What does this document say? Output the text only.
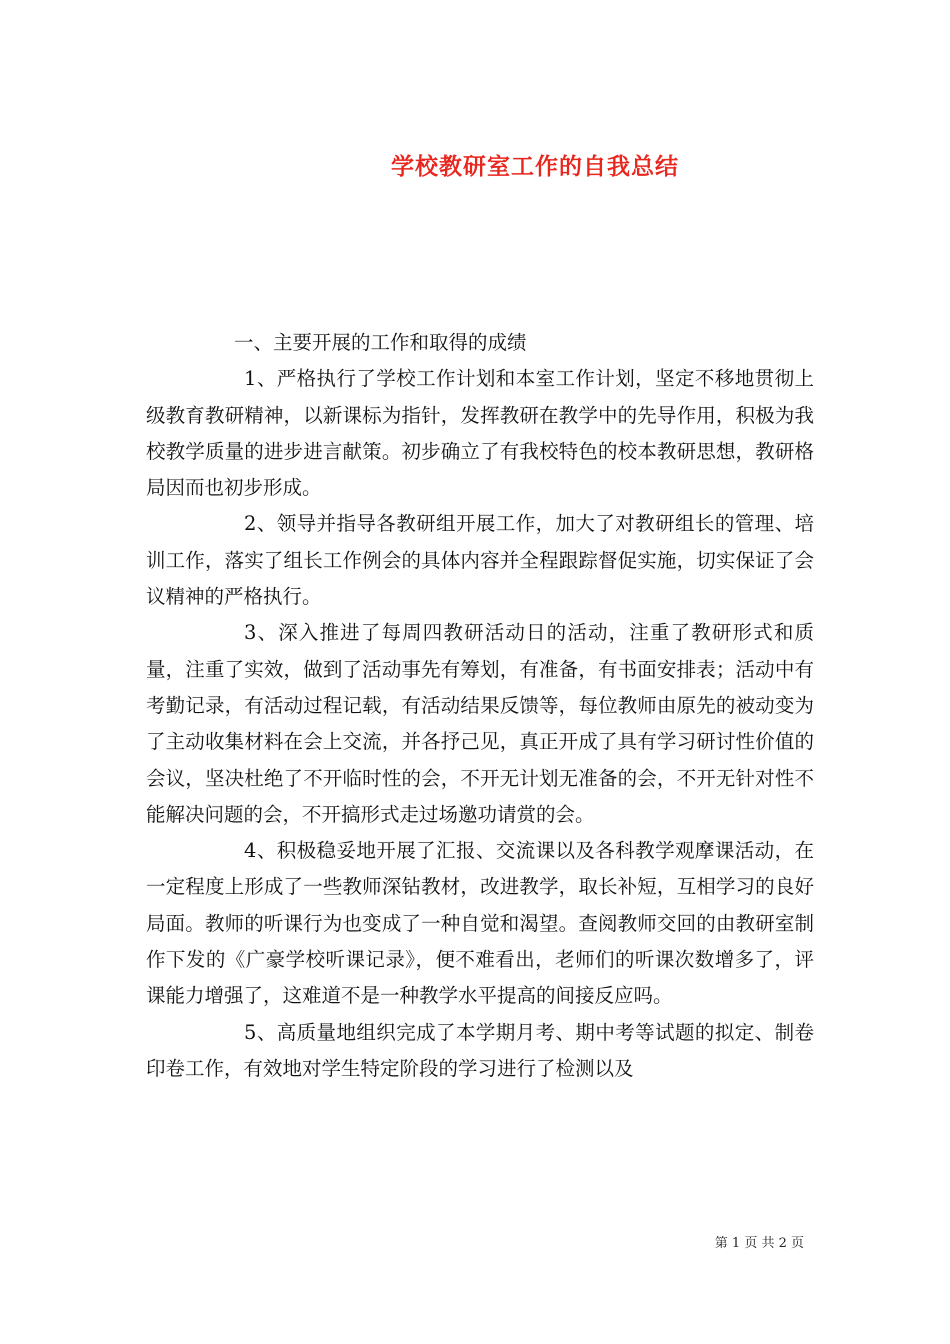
学校教研室工作的自我总结

一、主要开展的工作和取得的成绩

1、严格执行了学校工作计划和本室工作计划，坚定不移地贯彻上级教育教研精神，以新课标为指针，发挥教研在教学中的先导作用，积极为我校教学质量的进步进言献策。初步确立了有我校特色的校本教研思想，教研格局因而也初步形成。

2、领导并指导各教研组开展工作，加大了对教研组长的管理、培训工作，落实了组长工作例会的具体内容并全程跟踪督促实施，切实保证了会议精神的严格执行。

3、深入推进了每周四教研活动日的活动，注重了教研形式和质量，注重了实效，做到了活动事先有筹划，有准备，有书面安排表；活动中有考勤记录，有活动过程记载，有活动结果反馈等，每位教师由原先的被动变为了主动收集材料在会上交流，并各抒己见，真正开成了具有学习研讨性价值的会议，坚决杜绝了不开临时性的会，不开无计划无准备的会，不开无针对性不能解决问题的会，不开搞形式走过场邀功请赏的会。

4、积极稳妥地开展了汇报、交流课以及各科教学观摩课活动，在一定程度上形成了一些教师深钻教材，改进教学，取长补短，互相学习的良好局面。教师的听课行为也变成了一种自觉和渴望。查阅教师交回的由教研室制作下发的《广豪学校听课记录》，便不难看出，老师们的听课次数增多了，评课能力增强了，这难道不是一种教学水平提高的间接反应吗。

5、高质量地组织完成了本学期月考、期中考等试题的拟定、制卷印卷工作，有效地对学生特定阶段的学习进行了检测以及

第 1 页 共 2 页
